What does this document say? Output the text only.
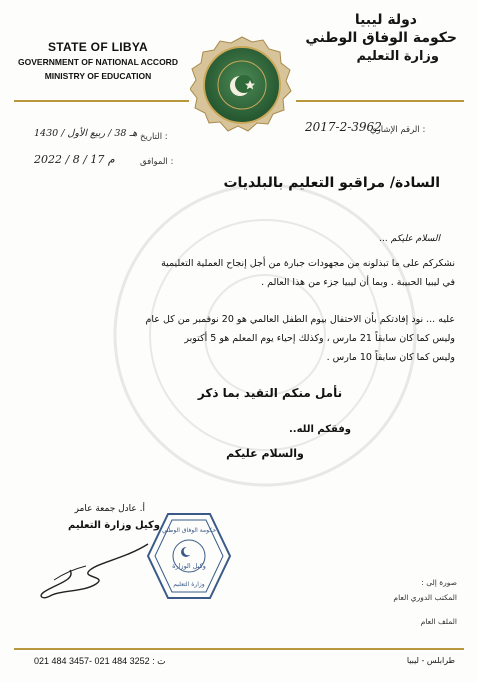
STATE OF LIBYA
GOVERNMENT OF NATIONAL ACCORD
MINISTRY OF EDUCATION
دولة ليبيا
حكومة الوفاق الوطني
وزارة التعليم
الرقم الإشاري :
2017-2-3962
التاريخ :
14هـ 38 / ربيع الأول / 30
الموافق :
20م 17 / 8 / 22
السادة/ مراقبو التعليم بالبلديات
السلام عليكم ...
نشكركم على ما تبذلونه من مجهودات جبارة من أجل إنجاح العملية التعليمية
في ليبيا الحبيبة . وبما أن ليبيا جزء من هذا العالم .
عليه ... نود إفادتكم بأن الاحتفال بيوم الطفل العالمي هو 20 نوفمبر من كل عام
وليس كما كان سابقاً 21 مارس ، وكذلك إحياء يوم المعلم هو 5 أكتوبر
وليس كما كان سابقاً 10 مارس .
نأمل منكم التقيد بما ذكر
وفقكم الله..
والسلام عليكم
أ. عادل جمعة عامر
وكيل وزارة التعليم حكومة الوفاق الوطني
وكيل الوزارة
وزارة التعليم	صورة إلى :
المكتب الدوري العام
الملف العام
021 484 3457- 021 484 3252 : ت	طرابلس - ليبيا
